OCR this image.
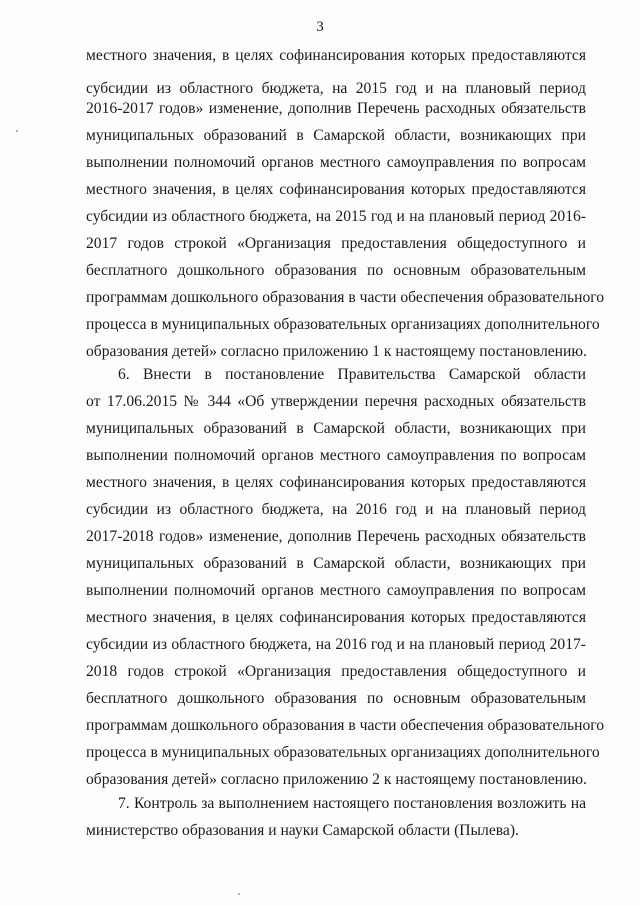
3
местного значения, в целях софинансирования которых предоставляются
субсидии из областного бюджета, на 2015 год и на плановый период
2016-2017 годов» изменение, дополнив Перечень расходных обязательств
муниципальных образований в Самарской области, возникающих при
выполнении полномочий органов местного самоуправления по вопросам
местного значения, в целях софинансирования которых предоставляются
субсидии из областного бюджета, на 2015 год и на плановый период 2016-
2017 годов строкой «Организация предоставления общедоступного и
бесплатного дошкольного образования по основным образовательным
программам дошкольного образования в части обеспечения образовательного
процесса в муниципальных образовательных организациях дополнительного
образования детей» согласно приложению 1 к настоящему постановлению.
6. Внести в постановление Правительства Самарской области
от 17.06.2015 № 344 «Об утверждении перечня расходных обязательств
муниципальных образований в Самарской области, возникающих при
выполнении полномочий органов местного самоуправления по вопросам
местного значения, в целях софинансирования которых предоставляются
субсидии из областного бюджета, на 2016 год и на плановый период
2017-2018 годов» изменение, дополнив Перечень расходных обязательств
муниципальных образований в Самарской области, возникающих при
выполнении полномочий органов местного самоуправления по вопросам
местного значения, в целях софинансирования которых предоставляются
субсидии из областного бюджета, на 2016 год и на плановый период 2017-
2018 годов строкой «Организация предоставления общедоступного и
бесплатного дошкольного образования по основным образовательным
программам дошкольного образования в части обеспечения образовательного
процесса в муниципальных образовательных организациях дополнительного
образования детей» согласно приложению 2 к настоящему постановлению.
7. Контроль за выполнением настоящего постановления возложить на
министерство образования и науки Самарской области (Пылева).
